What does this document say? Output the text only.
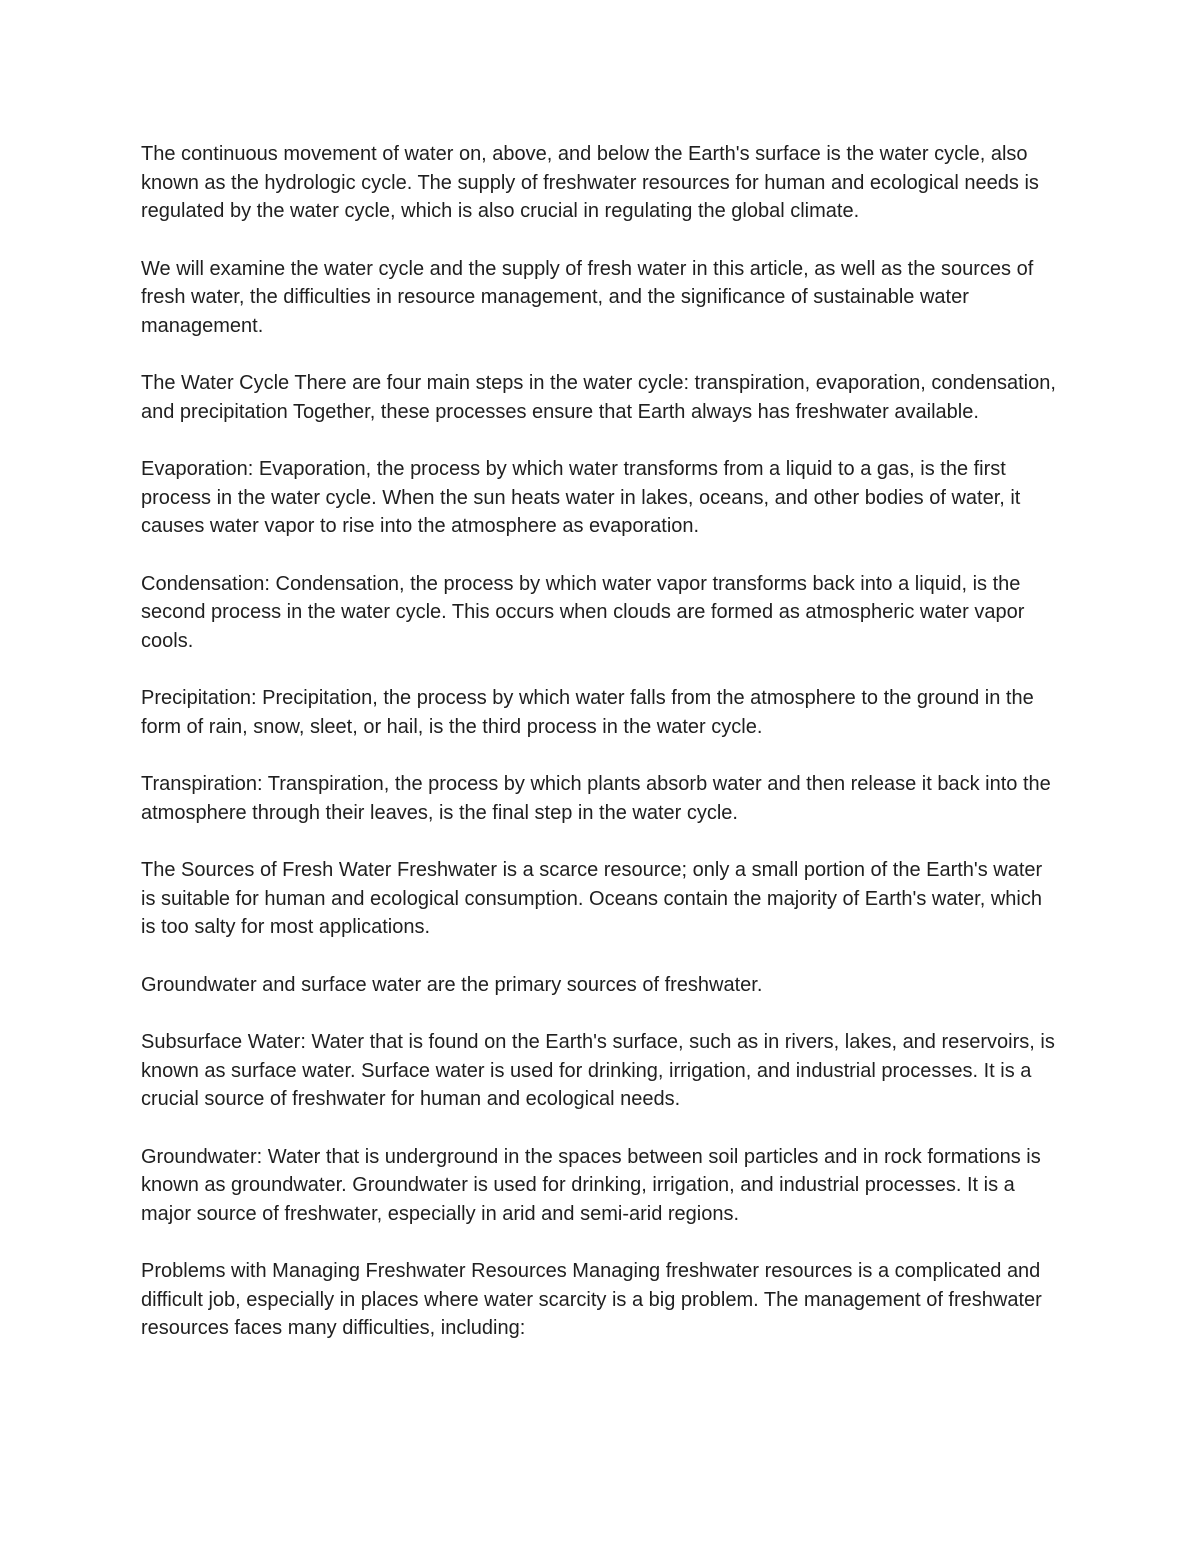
The continuous movement of water on, above, and below the Earth's surface is the water cycle, also known as the hydrologic cycle. The supply of freshwater resources for human and ecological needs is regulated by the water cycle, which is also crucial in regulating the global climate.

We will examine the water cycle and the supply of fresh water in this article, as well as the sources of fresh water, the difficulties in resource management, and the significance of sustainable water management.

The Water Cycle There are four main steps in the water cycle: transpiration, evaporation, condensation, and precipitation Together, these processes ensure that Earth always has freshwater available.

Evaporation: Evaporation, the process by which water transforms from a liquid to a gas, is the first process in the water cycle. When the sun heats water in lakes, oceans, and other bodies of water, it causes water vapor to rise into the atmosphere as evaporation.

Condensation: Condensation, the process by which water vapor transforms back into a liquid, is the second process in the water cycle. This occurs when clouds are formed as atmospheric water vapor cools.

Precipitation: Precipitation, the process by which water falls from the atmosphere to the ground in the form of rain, snow, sleet, or hail, is the third process in the water cycle.

Transpiration: Transpiration, the process by which plants absorb water and then release it back into the atmosphere through their leaves, is the final step in the water cycle.

The Sources of Fresh Water Freshwater is a scarce resource; only a small portion of the Earth's water is suitable for human and ecological consumption. Oceans contain the majority of Earth's water, which is too salty for most applications.

Groundwater and surface water are the primary sources of freshwater.

Subsurface Water: Water that is found on the Earth's surface, such as in rivers, lakes, and reservoirs, is known as surface water. Surface water is used for drinking, irrigation, and industrial processes. It is a crucial source of freshwater for human and ecological needs.

Groundwater: Water that is underground in the spaces between soil particles and in rock formations is known as groundwater. Groundwater is used for drinking, irrigation, and industrial processes. It is a major source of freshwater, especially in arid and semi-arid regions.

Problems with Managing Freshwater Resources Managing freshwater resources is a complicated and difficult job, especially in places where water scarcity is a big problem. The management of freshwater resources faces many difficulties, including:
